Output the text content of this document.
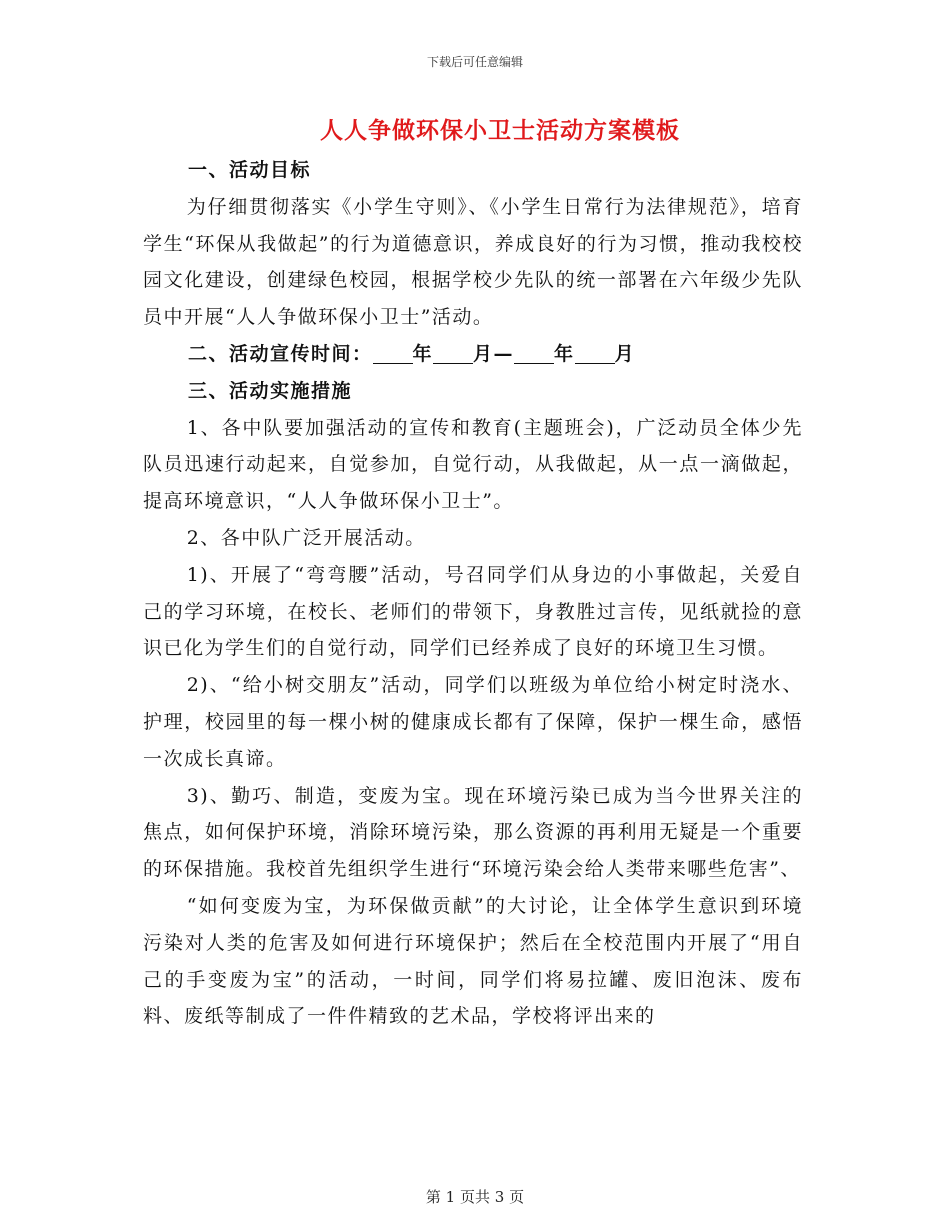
下载后可任意编辑
人人争做环保小卫士活动方案模板

一、活动目标

为仔细贯彻落实《小学生守则》、《小学生日常行为法律规范》，培育学生“环保从我做起”的行为道德意识，养成良好的行为习惯，推动我校校园文化建设，创建绿色校园，根据学校少先队的统一部署在六年级少先队员中开展“人人争做环保小卫士”活动。

二、活动宣传时间： 年 月— 年 月

三、活动实施措施

1、各中队要加强活动的宣传和教育(主题班会)，广泛动员全体少先队员迅速行动起来，自觉参加，自觉行动，从我做起，从一点一滴做起，提高环境意识，“人人争做环保小卫士”。

2、各中队广泛开展活动。

1)、开展了“弯弯腰”活动，号召同学们从身边的小事做起，关爱自己的学习环境，在校长、老师们的带领下，身教胜过言传，见纸就捡的意识已化为学生们的自觉行动，同学们已经养成了良好的环境卫生习惯。

2)、“给小树交朋友”活动，同学们以班级为单位给小树定时浇水、护理，校园里的每一棵小树的健康成长都有了保障，保护一棵生命，感悟一次成长真谛。

3)、勤巧、制造，变废为宝。现在环境污染已成为当今世界关注的焦点，如何保护环境，消除环境污染，那么资源的再利用无疑是一个重要的环保措施。我校首先组织学生进行“环境污染会给人类带来哪些危害”、

“如何变废为宝，为环保做贡献”的大讨论，让全体学生意识到环境污染对人类的危害及如何进行环境保护；然后在全校范围内开展了“用自己的手变废为宝”的活动，一时间，同学们将易拉罐、废旧泡沫、废布料、废纸等制成了一件件精致的艺术品，学校将评出来的

第 1 页共 3 页
